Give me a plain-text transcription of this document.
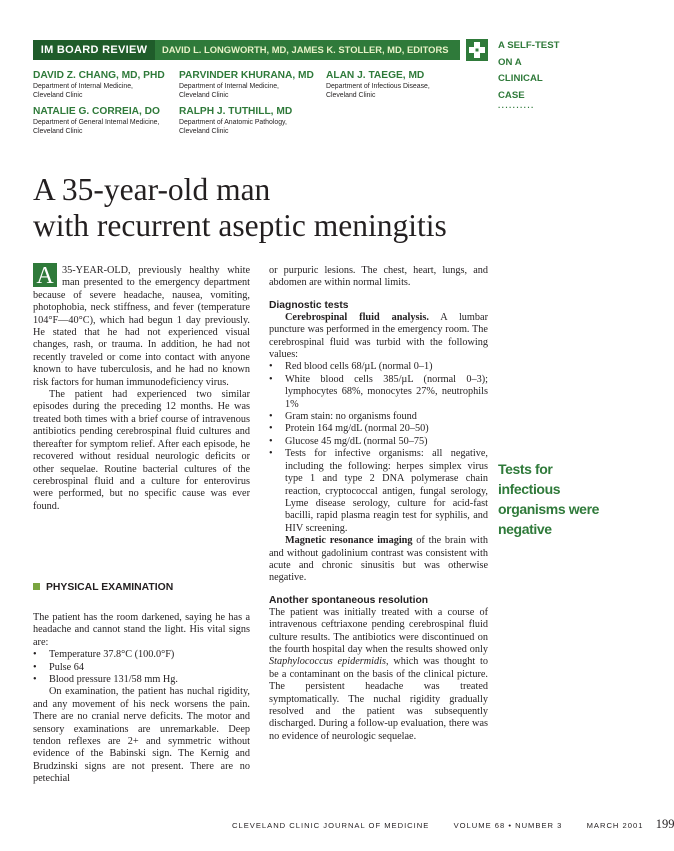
IM BOARD REVIEW	DAVID L. LONGWORTH, MD, JAMES K. STOLLER, MD, EDITORS	A SELF-TEST
ON A
CLINICAL
CASE
··········
DAVID Z. CHANG, MD, PHD
Department of Internal Medicine,
Cleveland Clinic
PARVINDER KHURANA, MD
Department of Internal Medicine,
Cleveland Clinic
ALAN J. TAEGE, MD
Department of Infectious Disease,
Cleveland Clinic
NATALIE G. CORREIA, DO
Department of General Internal Medicine,
Cleveland Clinic
RALPH J. TUTHILL, MD
Department of Anatomic Pathology,
Cleveland Clinic
A 35-year-old man
with recurrent aseptic meningitis
A 35-YEAR-OLD, previously healthy white man presented to the emergency department because of severe headache, nausea, vomiting, photophobia, neck stiffness, and fever (temperature 104°F—40°C), which had begun 1 day previously. He stated that he had not experienced visual changes, rash, or trauma. In addition, he had not recently traveled or come into contact with anyone known to have tuberculosis, and he had no known risk factors for human immunodeficiency virus.

The patient had experienced two similar episodes during the preceding 12 months. He was treated both times with a brief course of intravenous antibiotics pending cerebrospinal fluid cultures and thereafter for symptom relief. After each episode, he recovered without residual neurologic deficits or other sequelae. Routine bacterial cultures of the cerebrospinal fluid and a culture for enterovirus were performed, but no specific cause was ever found.

PHYSICAL EXAMINATION

The patient has the room darkened, saying he has a headache and cannot stand the light. His vital signs are:

• Temperature 37.8°C (100.0°F)

• Pulse 64

• Blood pressure 131/58 mm Hg.

On examination, the patient has nuchal rigidity, and any movement of his neck worsens the pain. There are no cranial nerve deficits. The motor and sensory examinations are unremarkable. Deep tendon reflexes are 2+ and symmetric without evidence of the Babinski sign. The Kernig and Brudzinski signs are not present. There are no petechial

or purpuric lesions. The chest, heart, lungs, and abdomen are within normal limits.

Diagnostic tests

Cerebrospinal fluid analysis. A lumbar puncture was performed in the emergency room. The cerebrospinal fluid was turbid with the following values:

• Red blood cells 68/µL (normal 0–1)

• White blood cells 385/µL (normal 0–3); lymphocytes 68%, monocytes 27%, neutrophils 1%

• Gram stain: no organisms found

• Protein 164 mg/dL (normal 20–50)

• Glucose 45 mg/dL (normal 50–75)

• Tests for infective organisms: all negative, including the following: herpes simplex virus type 1 and type 2 DNA polymerase chain reaction, cryptococcal antigen, fungal serology, Lyme disease serology, culture for acid-fast bacilli, rapid plasma reagin test for syphilis, and HIV screening.

Magnetic resonance imaging of the brain with and without gadolinium contrast was consistent with acute and chronic sinusitis but was otherwise negative.

Another spontaneous resolution

The patient was initially treated with a course of intravenous ceftriaxone pending cerebrospinal fluid culture results. The antibiotics were discontinued on the fourth hospital day when the results showed only Staphylococcus epidermidis, which was thought to be a contaminant on the basis of the clinical picture. The persistent headache was treated symptomatically. The nuchal rigidity gradually resolved and the patient was subsequently discharged. During a follow-up evaluation, there was no evidence of neurologic sequelae.

Tests for infectious organisms were negative
CLEVELAND CLINIC JOURNAL OF MEDICINE	VOLUME 68 • NUMBER 3	MARCH 2001 199
